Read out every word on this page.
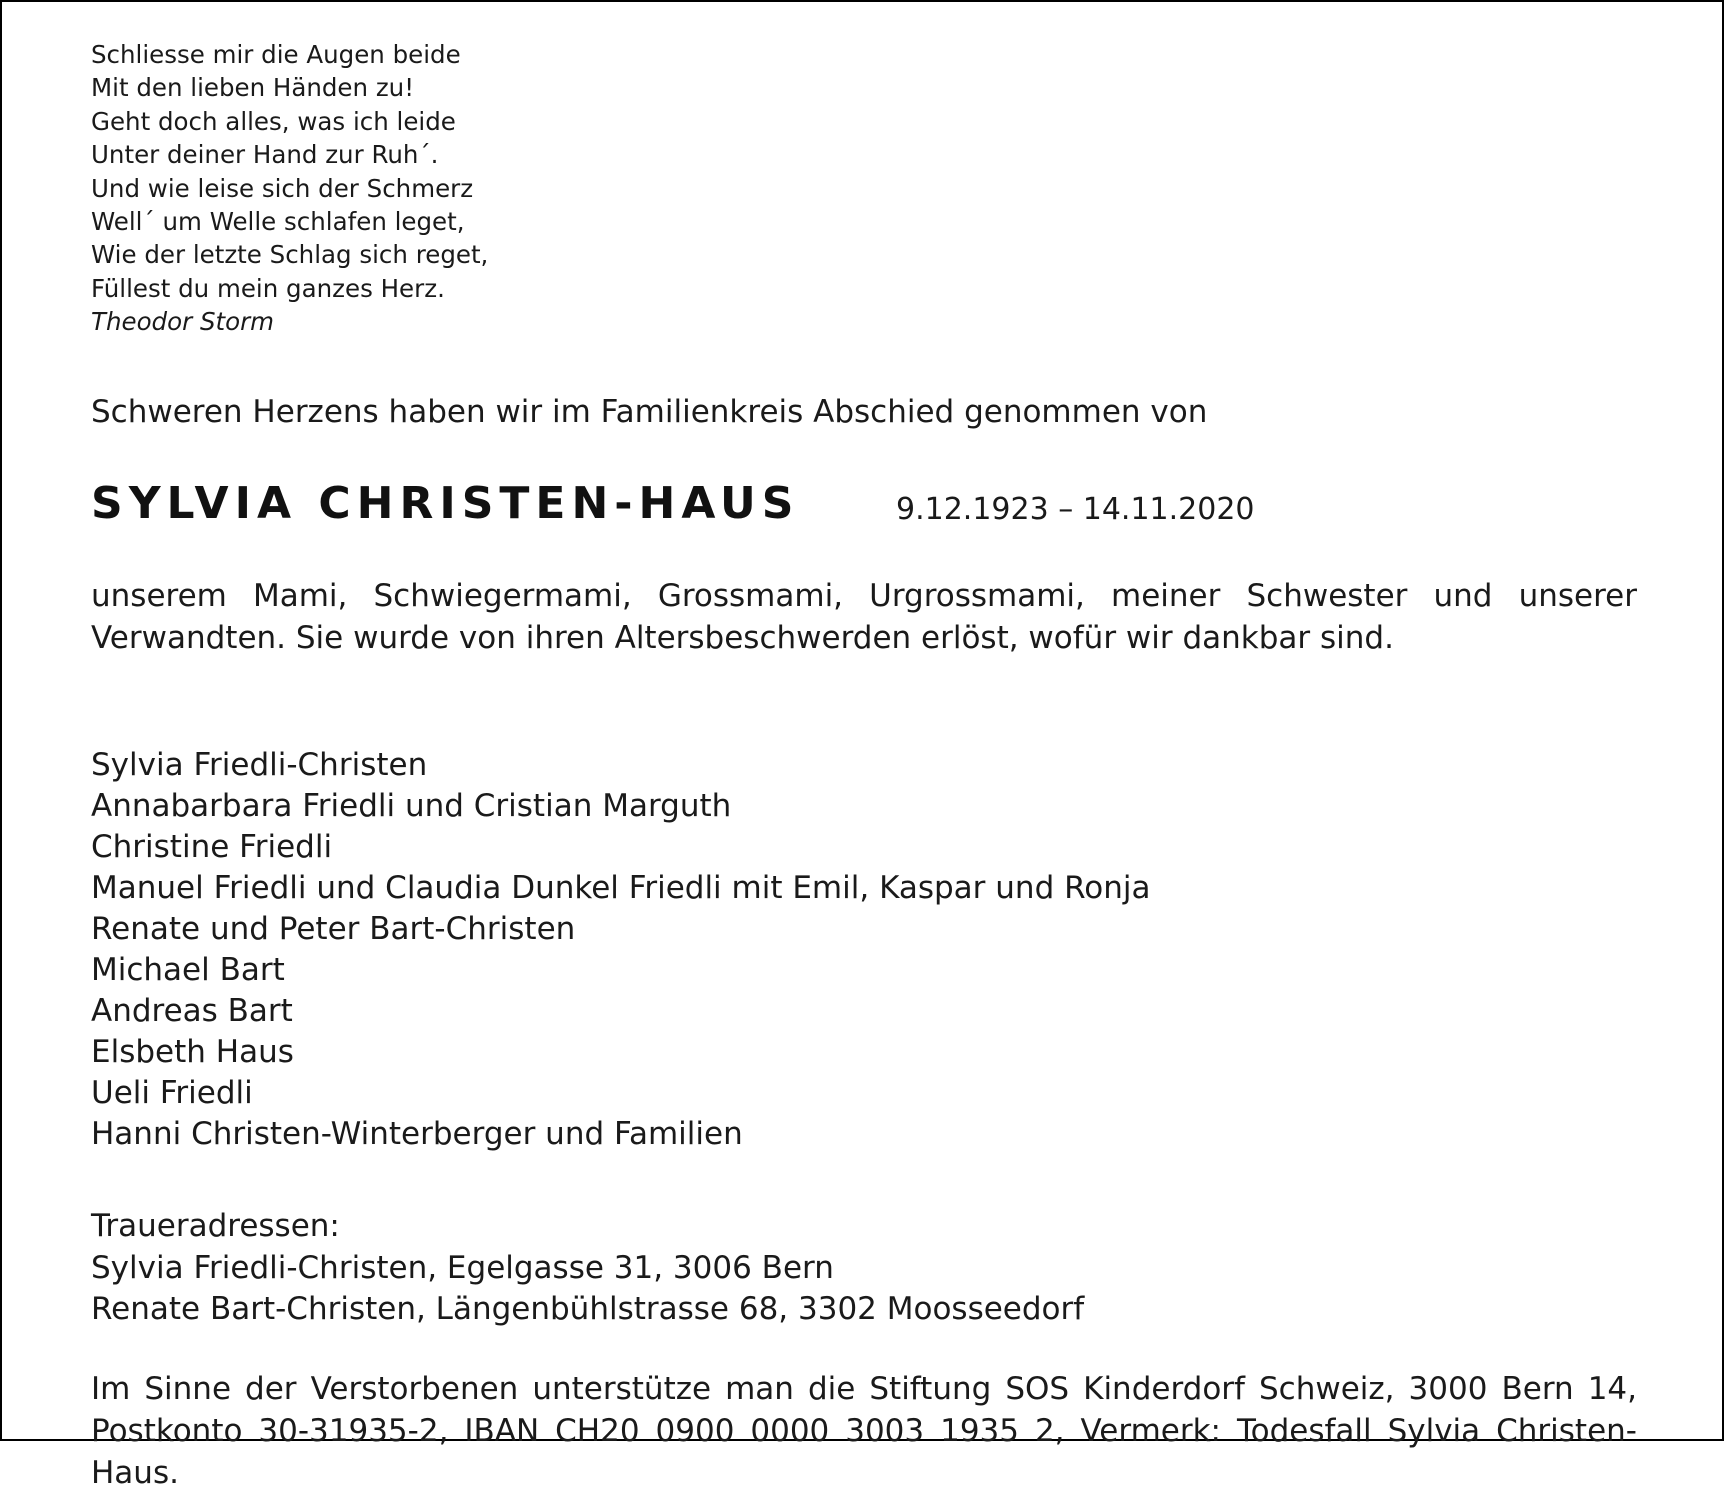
Schliesse mir die Augen beide
Mit den lieben Händen zu!
Geht doch alles, was ich leide
Unter deiner Hand zur Ruh´.
Und wie leise sich der Schmerz
Well´ um Welle schlafen leget,
Wie der letzte Schlag sich reget,
Füllest du mein ganzes Herz.
Theodor Storm
Schweren Herzens haben wir im Familienkreis Abschied genommen von
SYLVIA CHRISTEN-HAUS	9.12.1923 – 14.11.2020

unserem Mami, Schwiegermami, Grossmami, Urgrossmami, meiner Schwester und unserer Verwandten. Sie wurde von ihren Altersbeschwerden erlöst, wofür wir dankbar sind.

Sylvia Friedli-Christen
Annabarbara Friedli und Cristian Marguth
Christine Friedli
Manuel Friedli und Claudia Dunkel Friedli mit Emil, Kaspar und Ronja
Renate und Peter Bart-Christen
Michael Bart
Andreas Bart
Elsbeth Haus
Ueli Friedli
Hanni Christen-Winterberger und Familien
Traueradressen:
Sylvia Friedli-Christen, Egelgasse 31, 3006 Bern
Renate Bart-Christen, Längenbühlstrasse 68, 3302 Moosseedorf

Im Sinne der Verstorbenen unterstütze man die Stiftung SOS Kinderdorf Schweiz, 3000 Bern 14, Postkonto 30-31935-2, IBAN CH20 0900 0000 3003 1935 2, Vermerk: Todesfall Sylvia Christen-Haus.
